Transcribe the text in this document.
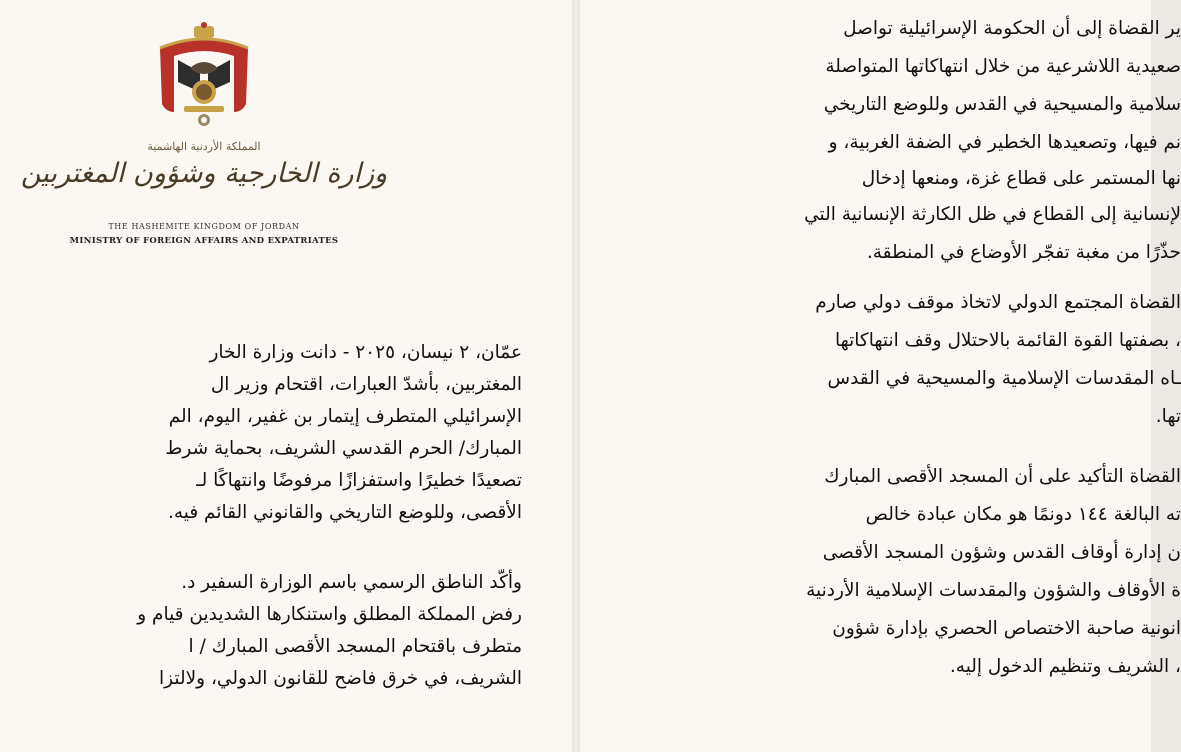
المملكة الأردنية الهاشمية
وزارة الخارجية وشؤون المغتربين
THE HASHEMITE KINGDOM OF JORDAN
MINISTRY OF FOREIGN AFFAIRS AND EXPATRIATES
عمّان، ٢ نيسان، ٢٠٢٥ - دانت وزارة الخار
المغتربين، بأشدّ العبارات، اقتحام وزير ال
الإسرائيلي المتطرف إيتمار بن غفير، اليوم، الم
المبارك/ الحرم القدسي الشريف، بحماية شرط
تصعيدًا خطيرًا واستفزازًا مرفوضًا وانتهاكًا لـ
الأقصى، وللوضع التاريخي والقانوني القائم فيه.
وأكّد الناطق الرسمي باسم الوزارة السفير د.
رفض المملكة المطلق واستنكارها الشديدين قيام و
متطرف باقتحام المسجد الأقصى المبارك / ا
الشريف، في خرق فاضح للقانون الدولي، ولالتزا
ير القضاة إلى أن الحكومة الإسرائيلية تواصل
صعيدية اللاشرعية من خلال انتهاكاتها المتواصلة
سلامية والمسيحية في القدس وللوضع التاريخي
نم فيها، وتصعيدها الخطير في الضفة الغربية، و
نها المستمر على قطاع غزة، ومنعها إدخال
لإنسانية إلى القطاع في ظل الكارثة الإنسانية التي
حذّرًا من مغبة تفجّر الأوضاع في المنطقة.
القضاة المجتمع الدولي لاتخاذ موقف دولي صارم
، بصفتها القوة القائمة بالاحتلال وقف انتهاكاتها
ـاه المقدسات الإسلامية والمسيحية في القدس
تها.
القضاة التأكيد على أن المسجد الأقصى المبارك
ته البالغة ١٤٤ دونمًا هو مكان عبادة خالص
ن إدارة أوقاف القدس وشؤون المسجد الأقصى
ة الأوقاف والشؤون والمقدسات الإسلامية الأردنية
انونية صاحبة الاختصاص الحصري بإدارة شؤون
، الشريف وتنظيم الدخول إليه.
